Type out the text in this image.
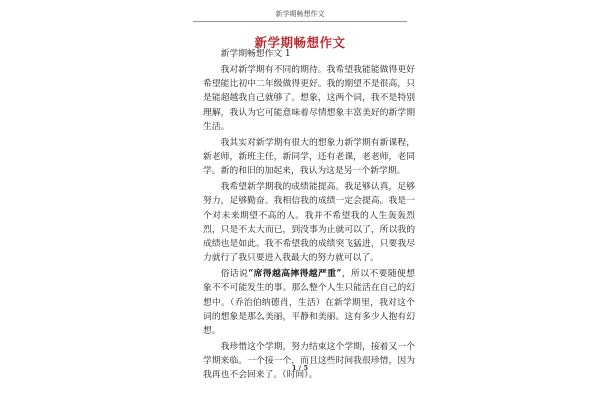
新学期畅想作文
新学期畅想作文

新学期畅想作文 1

我对新学期有不同的期待。我希望我能能做得更好希望能比初中二年级做得更好。我的期望不是很高，只是能超越我自己就够了。想象，这两个词，我不是特别理解，我认为它可能意味着尽情想象丰富美好的新学期生活。

我其实对新学期有很大的想象力新学期有新课程，新老师，新班主任，新同学，还有老课，老老师，老同学。新的和旧的加起来，我认为这是另一个新学期。

我希望新学期我的成绩能提高。我足够认真，足够努力，足够勤奋。我相信我的成绩一定会提高。我是一个对未来期望不高的人。我并不希望我的人生轰轰烈烈，只是不太大而已，到没事为止就可以了，所以我的成绩也是如此。我不希望我的成绩突飞猛进，只要我尽力就行了我只要进入我最大的努力就可以了。

俗话说“席得越高摔得越严重”，所以不要随便想象不不可能发生的事。那么整个人生只能活在自己的幻想中。（乔治伯纳德肖，生活）在新学期里，我对这个词的想象是那么美丽，平静和美丽。这有多少人抱有幻想。

我珍惜这个学期，努力结束这个学期，接着又一个学期来临。一个接一个，而且这些时间我很珍惜，因为我再也不会回来了。（时间）。

1 / 5
